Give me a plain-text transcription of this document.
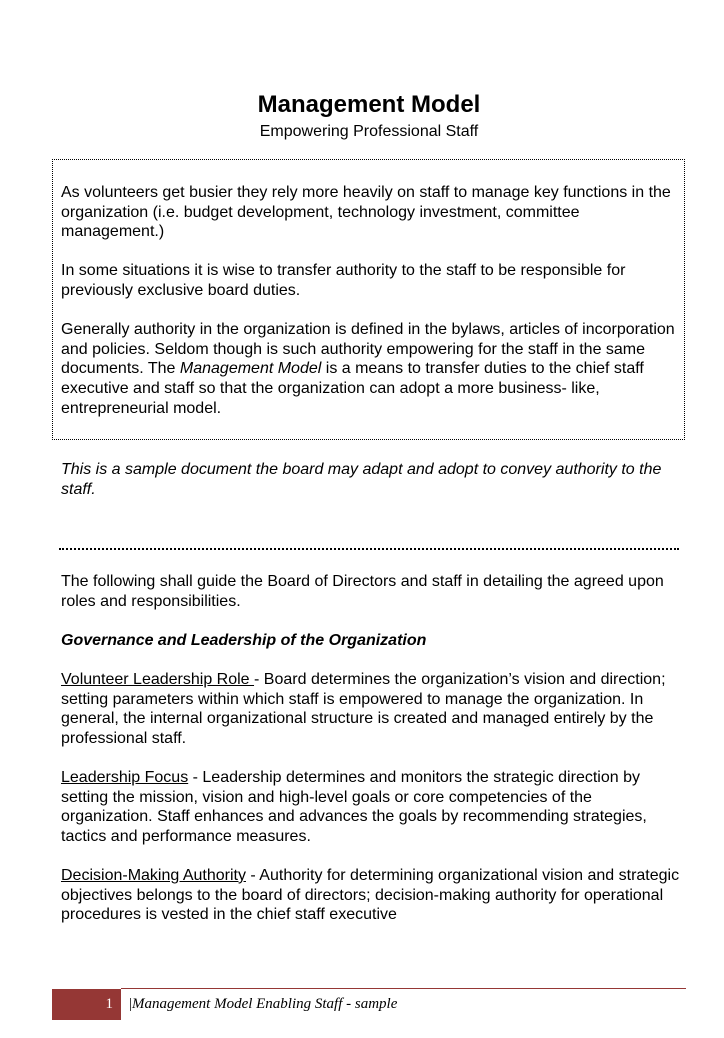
Management Model

Empowering Professional Staff

As volunteers get busier they rely more heavily on staff to manage key functions in the organization (i.e. budget development, technology investment, committee management.)

In some situations it is wise to transfer authority to the staff to be responsible for previously exclusive board duties.

Generally authority in the organization is defined in the bylaws, articles of incorporation and policies. Seldom though is such authority empowering for the staff in the same documents. The Management Model is a means to transfer duties to the chief staff executive and staff so that the organization can adopt a more business- like, entrepreneurial model.

This is a sample document the board may adapt and adopt to convey authority to the staff.

The following shall guide the Board of Directors and staff in detailing the agreed upon roles and responsibilities.

Governance and Leadership of the Organization

Volunteer Leadership Role - Board determines the organization’s vision and direction; setting parameters within which staff is empowered to manage the organization. In general, the internal organizational structure is created and managed entirely by the professional staff.

Leadership Focus - Leadership determines and monitors the strategic direction by setting the mission, vision and high-level goals or core competencies of the organization. Staff enhances and advances the goals by recommending strategies, tactics and performance measures.

Decision-Making Authority - Authority for determining organizational vision and strategic objectives belongs to the board of directors; decision-making authority for operational procedures is vested in the chief staff executive

1	|Management Model Enabling Staff - sample
